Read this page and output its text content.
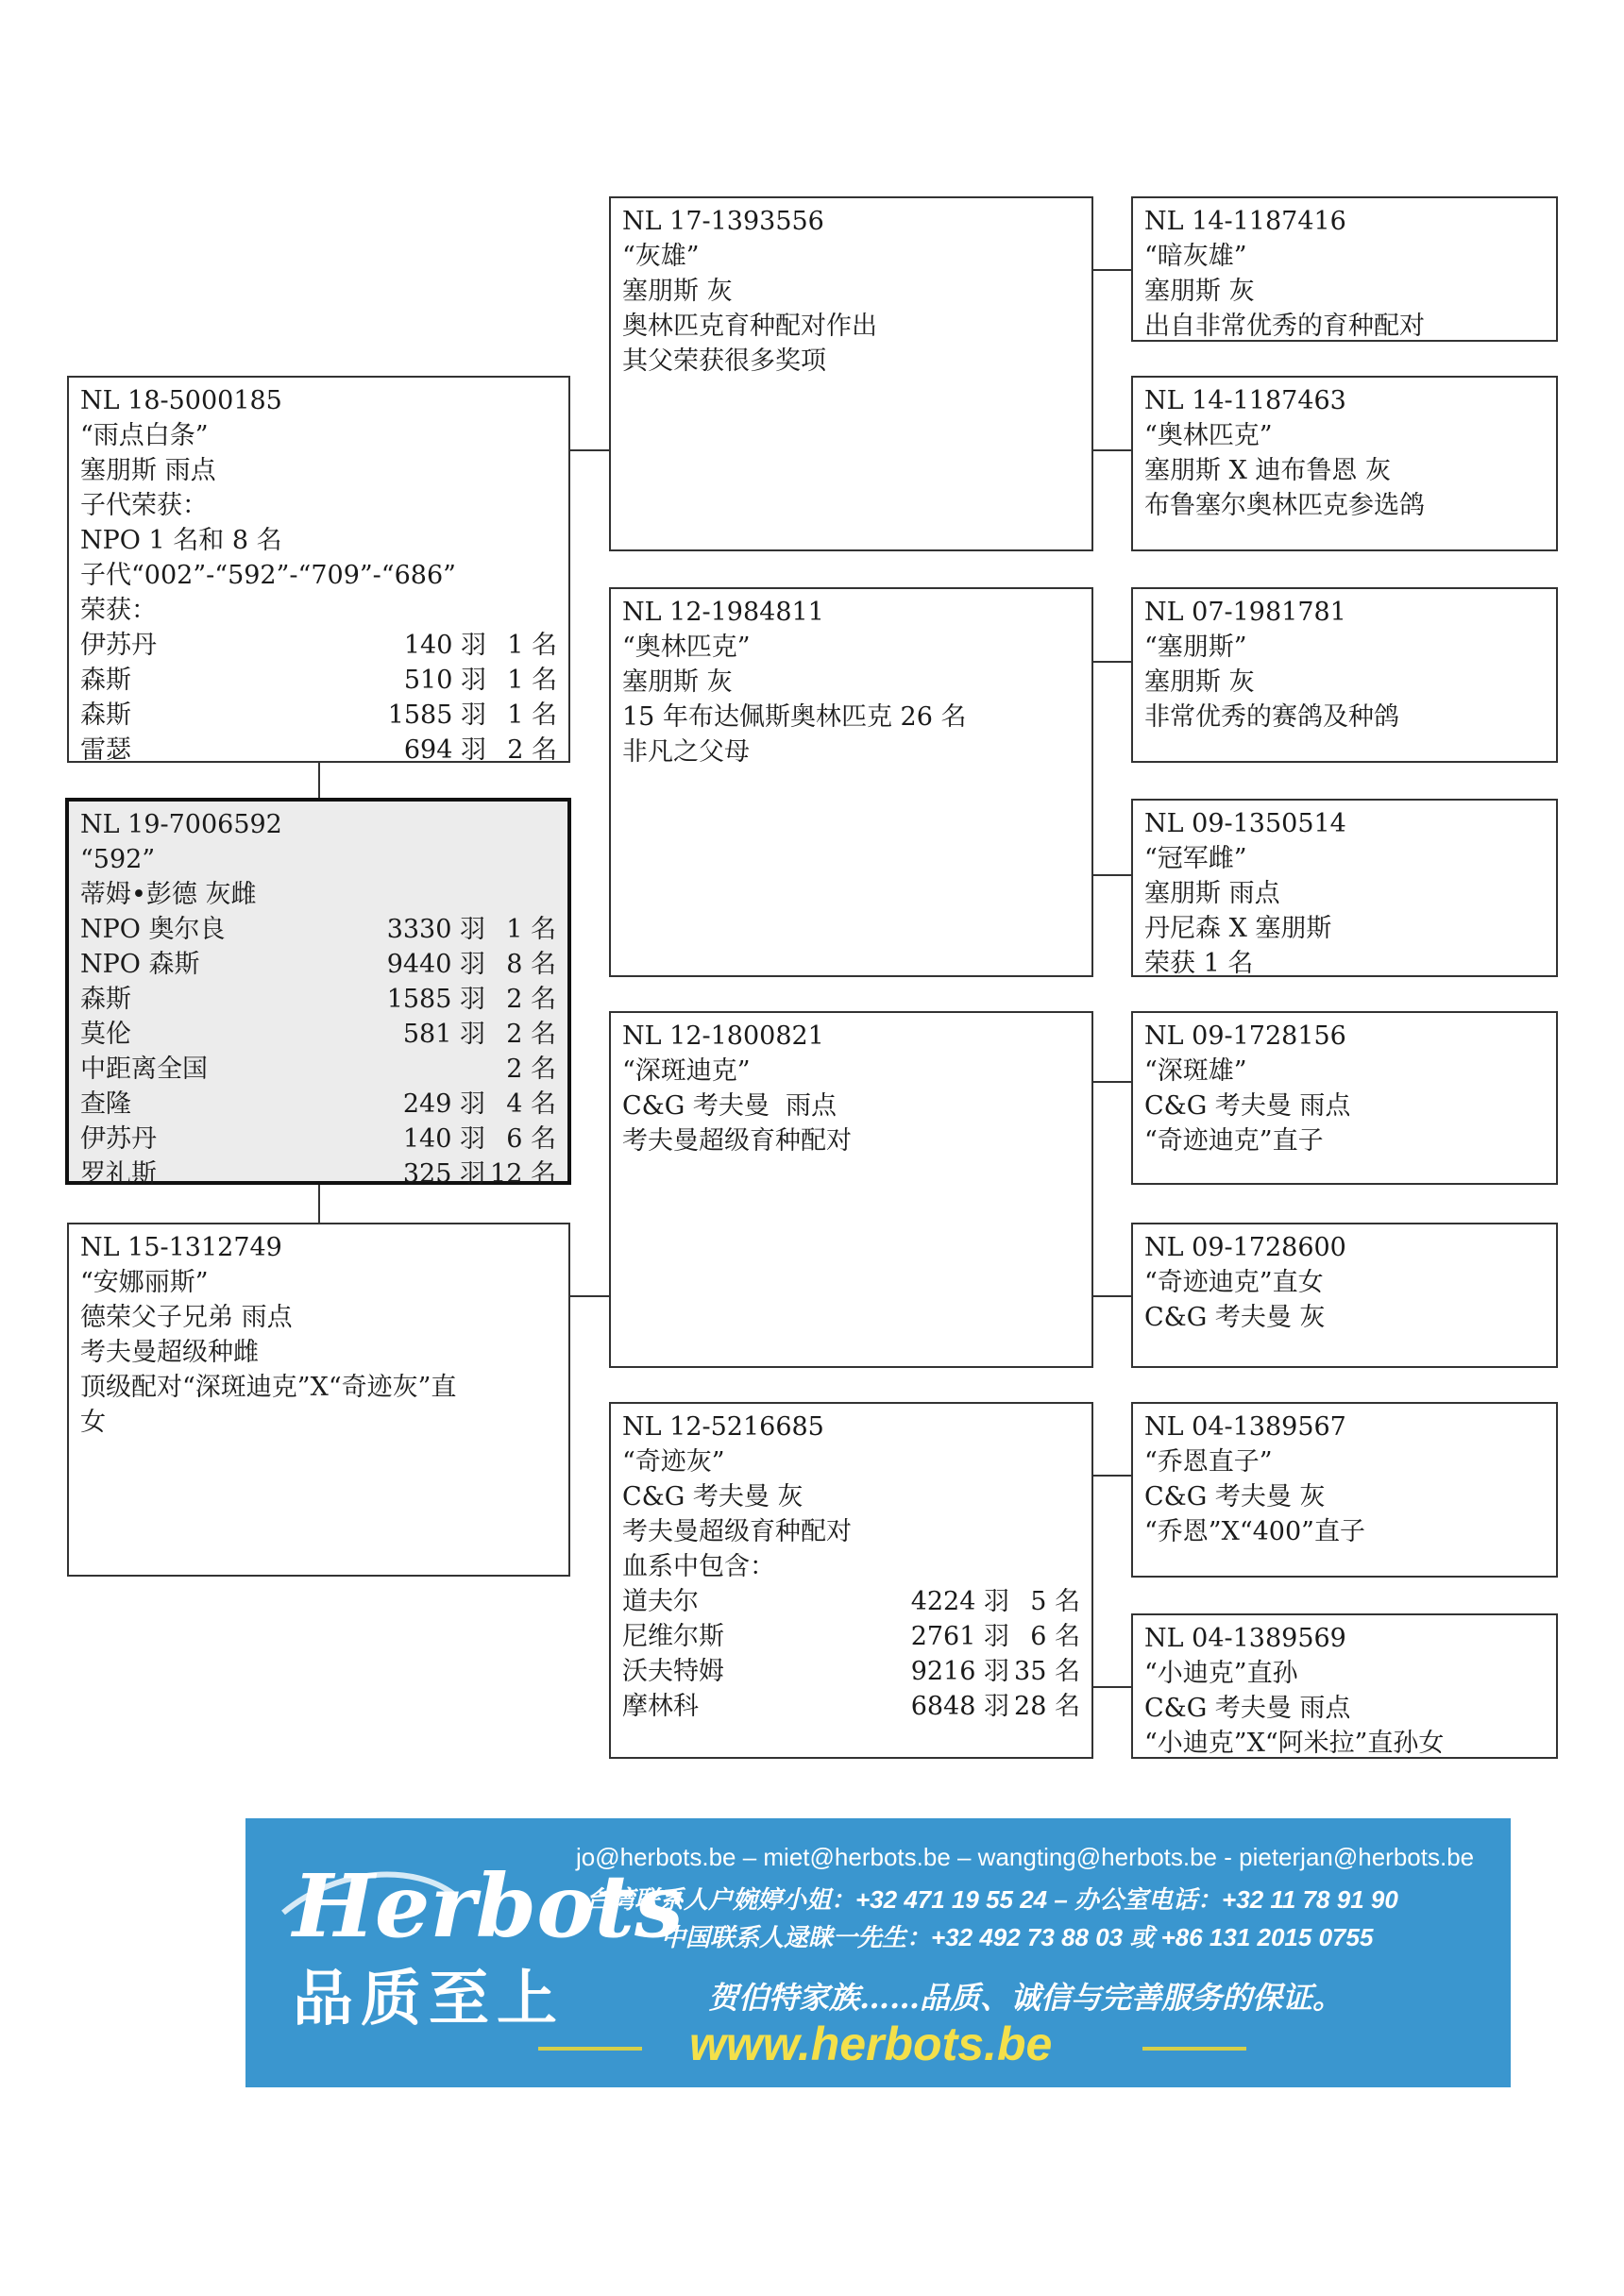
NL 18-5000185
“雨点白条”
塞朋斯 雨点
子代荣获：
NPO 1 名和 8 名
子代“002”-“592”-“709”-“686”
荣获：
伊苏丹	140 羽 1 名
森斯	510 羽 1 名
森斯	1585 羽 1 名
雷瑟	694 羽 2 名
NL 19-7006592
“592”
蒂姆•彭德 灰雌
NPO 奥尔良	3330 羽 1 名
NPO 森斯	9440 羽 8 名
森斯	1585 羽 2 名
莫伦	581 羽 2 名
中距离全国	2 名
查隆	249 羽 4 名
伊苏丹	140 羽 6 名
罗礼斯	325 羽 12 名
NL 15-1312749
“安娜丽斯”
德荣父子兄弟 雨点
考夫曼超级种雌
顶级配对“深斑迪克”X“奇迹灰”直
女
NL 17-1393556
“灰雄”
塞朋斯 灰
奥林匹克育种配对作出
其父荣获很多奖项
NL 12-1984811
“奥林匹克”
塞朋斯 灰
15 年布达佩斯奥林匹克 26 名
非凡之父母
NL 12-1800821
“深斑迪克”
C&G 考夫曼  雨点
考夫曼超级育种配对
NL 12-5216685
“奇迹灰”
C&G 考夫曼 灰
考夫曼超级育种配对
血系中包含：
道夫尔	4224 羽 5 名
尼维尔斯	2761 羽 6 名
沃夫特姆	9216 羽 35 名
摩林科	6848 羽 28 名
NL 14-1187416
“暗灰雄”
塞朋斯 灰
出自非常优秀的育种配对
NL 14-1187463
“奥林匹克”
塞朋斯 X 迪布鲁恩 灰
布鲁塞尔奥林匹克参选鸽
NL 07-1981781
“塞朋斯”
塞朋斯 灰
非常优秀的赛鸽及种鸽
NL 09-1350514
“冠军雌”
塞朋斯 雨点
丹尼森 X 塞朋斯
荣获 1 名
NL 09-1728156
“深斑雄”
C&G 考夫曼 雨点
“奇迹迪克”直子
NL 09-1728600
“奇迹迪克”直女
C&G 考夫曼 灰
NL 04-1389567
“乔恩直子”
C&G 考夫曼 灰
“乔恩”X“400”直子
NL 04-1389569
“小迪克”直孙
C&G 考夫曼 雨点
“小迪克”X“阿米拉”直孙女
Herbots
品质至上
jo@herbots.be – miet@herbots.be – wangting@herbots.be - pieterjan@herbots.be
台湾联系人户婉婷小姐：+32 471 19 55 24 – 办公室电话：+32 11 78 91 90
中国联系人逯睐一先生：+32 492 73 88 03 或 +86 131 2015 0755
贺伯特家族……品质、诚信与完善服务的保证。
www.herbots.be
